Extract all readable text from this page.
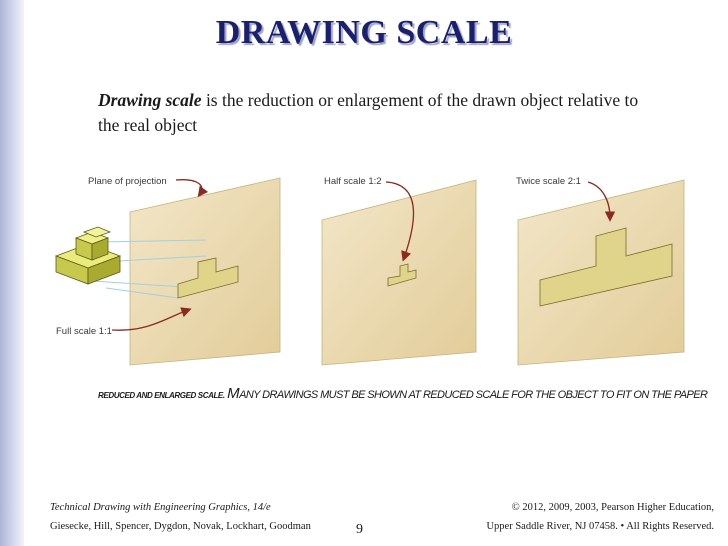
DRAWING SCALE
Drawing scale is the reduction or enlargement of the drawn object relative to the real object
Plane of projection
Full scale 1:1
Half scale 1:2	Twice scale 2:1
REDUCED AND ENLARGED SCALE. MANY DRAWINGS MUST BE SHOWN AT REDUCED SCALE FOR THE OBJECT TO FIT ON THE PAPER
Technical Drawing with Engineering Graphics, 14/e
Giesecke, Hill, Spencer, Dygdon, Novak, Lockhart, Goodman	9
© 2012, 2009, 2003, Pearson Higher Education,
Upper Saddle River, NJ 07458. • All Rights Reserved.
